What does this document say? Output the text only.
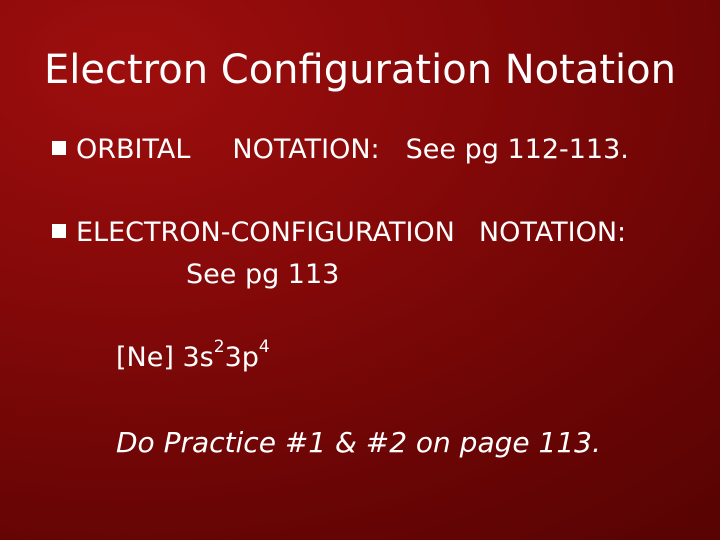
Electron Configuration Notation
ORBITAL NOTATION: See pg 112-113.
ELECTRON-CONFIGURATION NOTATION:
See pg 113
[Ne] $3s^23p^4$
Do Practice #1 & #2 on page 113.
